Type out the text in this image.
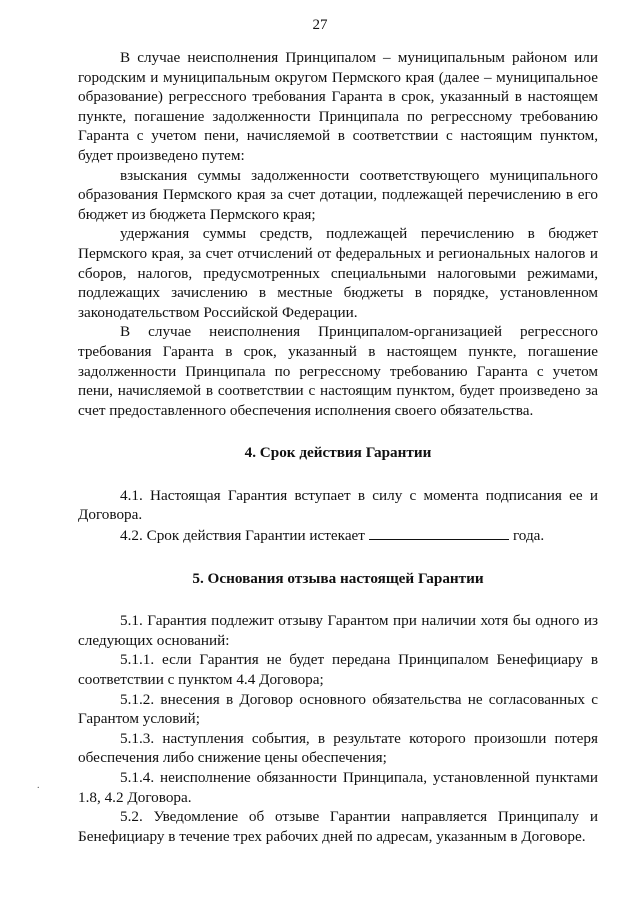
27

В случае неисполнения Принципалом – муниципальным районом или городским и муниципальным округом Пермского края (далее – муниципальное образование) регрессного требования Гаранта в срок, указанный в настоящем пункте, погашение задолженности Принципала по регрессному требованию Гаранта с учетом пени, начисляемой в соответствии с настоящим пунктом, будет произведено путем:

взыскания суммы задолженности соответствующего муниципального образования Пермского края за счет дотации, подлежащей перечислению в его бюджет из бюджета Пермского края;

удержания суммы средств, подлежащей перечислению в бюджет Пермского края, за счет отчислений от федеральных и региональных налогов и сборов, налогов, предусмотренных специальными налоговыми режимами, подлежащих зачислению в местные бюджеты в порядке, установленном законодательством Российской Федерации.

В случае неисполнения Принципалом-организацией регрессного требования Гаранта в срок, указанный в настоящем пункте, погашение задолженности Принципала по регрессному требованию Гаранта с учетом пени, начисляемой в соответствии с настоящим пунктом, будет произведено за счет предоставленного обеспечения исполнения своего обязательства.

4. Срок действия Гарантии

4.1. Настоящая Гарантия вступает в силу с момента подписания ее и Договора.

4.2. Срок действия Гарантии истекает	года.

5. Основания отзыва настоящей Гарантии

5.1. Гарантия подлежит отзыву Гарантом при наличии хотя бы одного из следующих оснований:

5.1.1. если Гарантия не будет передана Принципалом Бенефициару в соответствии с пунктом 4.4 Договора;

5.1.2. внесения в Договор основного обязательства не согласованных с Гарантом условий;

5.1.3. наступления события, в результате которого произошли потеря обеспечения либо снижение цены обеспечения;

5.1.4. неисполнение обязанности Принципала, установленной пунктами 1.8, 4.2 Договора.

5.2. Уведомление об отзыве Гарантии направляется Принципалу и Бенефициару в течение трех рабочих дней по адресам, указанным в Договоре.

.
